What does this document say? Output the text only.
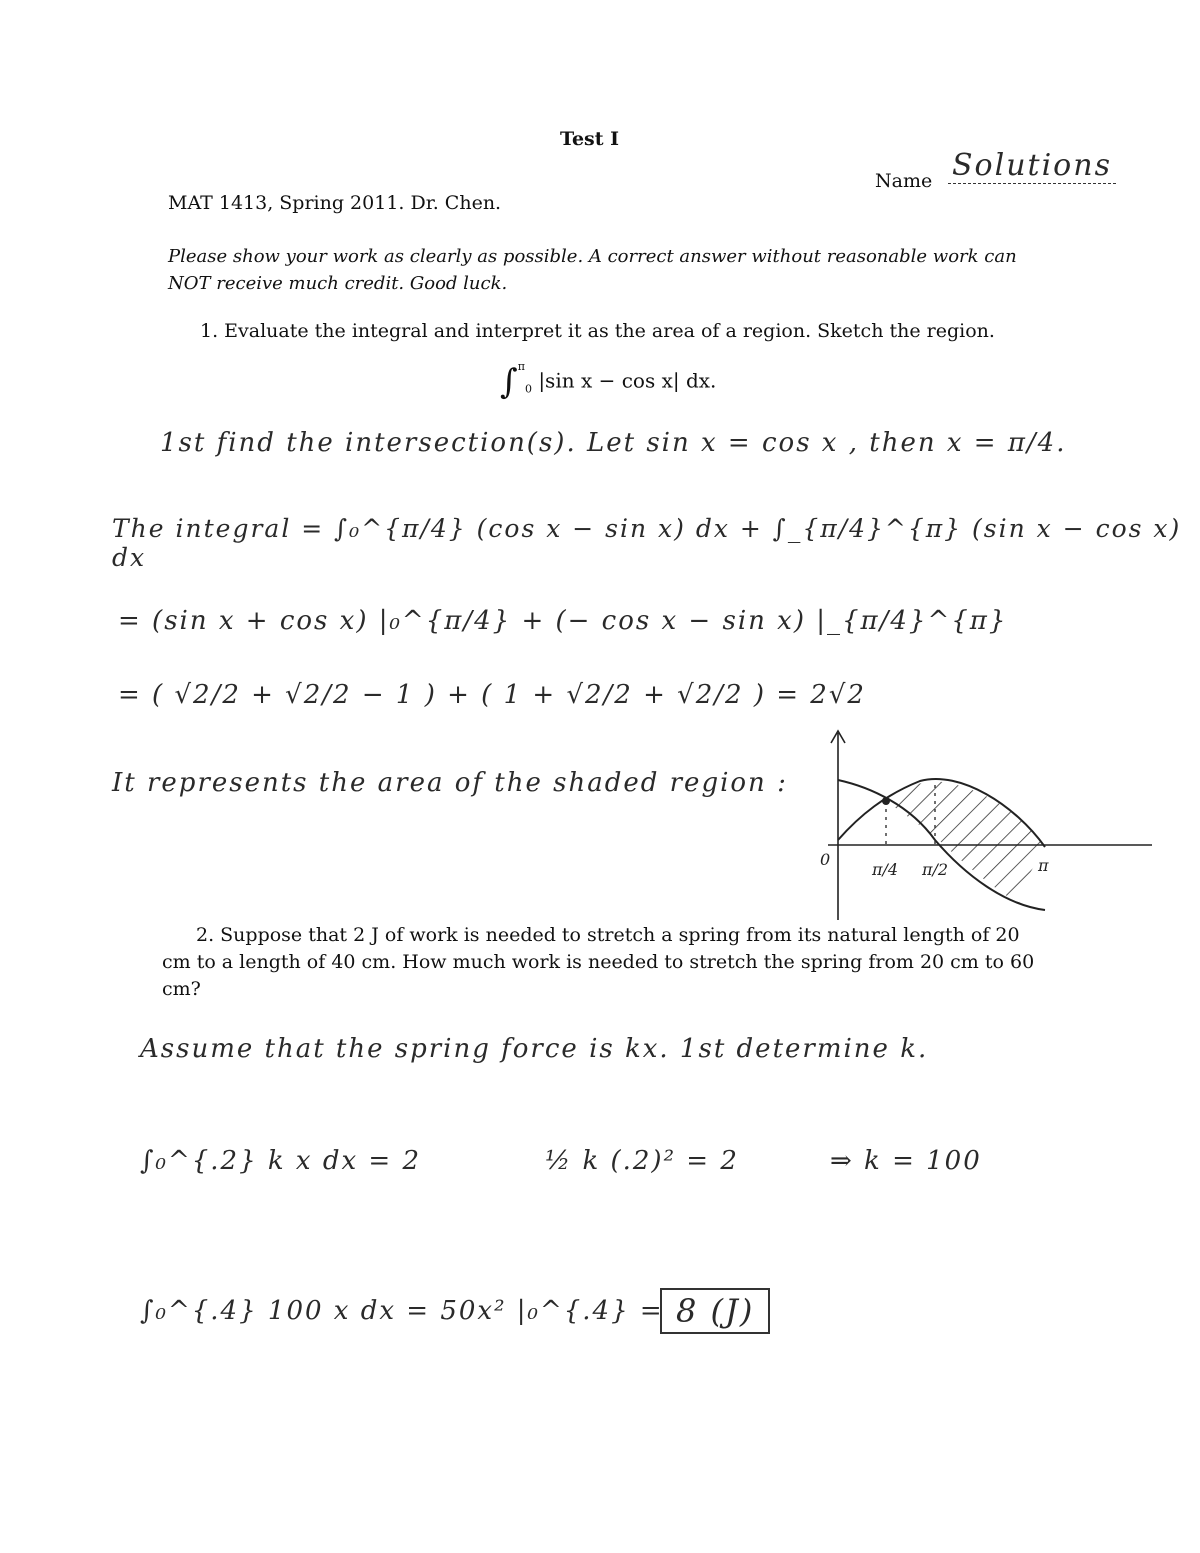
Test I
Name Solutions
MAT 1413, Spring 2011. Dr. Chen.
Please show your work as clearly as possible. A correct answer without reasonable work can NOT receive much credit. Good luck.
1. Evaluate the integral and interpret it as the area of a region. Sketch the region.
∫$^\pi_0$ |sin x − cos x| dx.
1st find the intersection(s). Let sin x = cos x , then x = π/4.
The integral = ∫₀^{π/4} (cos x − sin x) dx + ∫_{π/4}^{π} (sin x − cos x) dx
= (sin x + cos x) |₀^{π/4} + (− cos x − sin x) |_{π/4}^{π}
= ( √2/2 + √2/2 − 1 ) + ( 1 + √2/2 + √2/2 ) = 2√2
It represents the area of the shaded region :
0
π/4 π/2	π
2. Suppose that 2 J of work is needed to stretch a spring from its natural length of 20 cm to a length of 40 cm. How much work is needed to stretch the spring from 20 cm to 60 cm?
Assume that the spring force is kx. 1st determine k.
∫₀^{.2} k x dx = 2	½ k (.2)² = 2	⇒ k = 100
∫₀^{.4} 100 x dx = 50x² |₀^{.4} = 8 (J)
